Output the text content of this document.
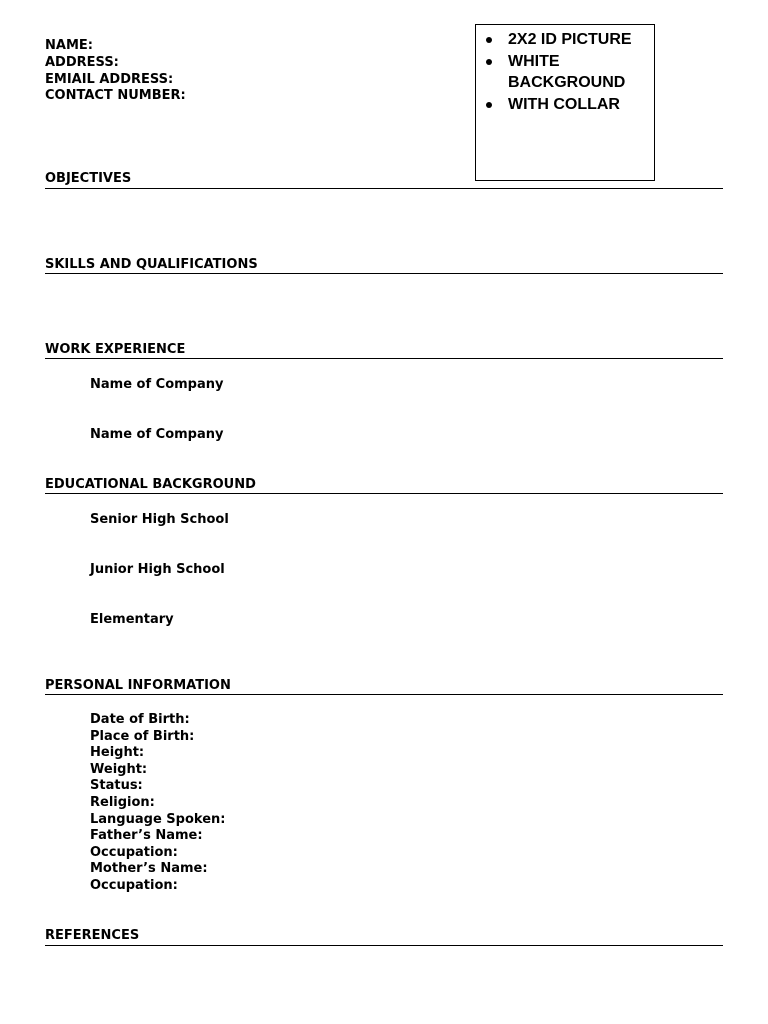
NAME:
ADDRESS:
EMIAIL ADDRESS:
CONTACT NUMBER:
2X2 ID PICTURE
WHITE BACKGROUND
WITH COLLAR
OBJECTIVES
SKILLS AND QUALIFICATIONS
WORK EXPERIENCE
Name of Company
Name of Company
EDUCATIONAL BACKGROUND
Senior High School
Junior High School
Elementary
PERSONAL INFORMATION
Date of Birth:
Place of Birth:
Height:
Weight:
Status:
Religion:
Language Spoken:
Father’s Name:
Occupation:
Mother’s Name:
Occupation:
REFERENCES
